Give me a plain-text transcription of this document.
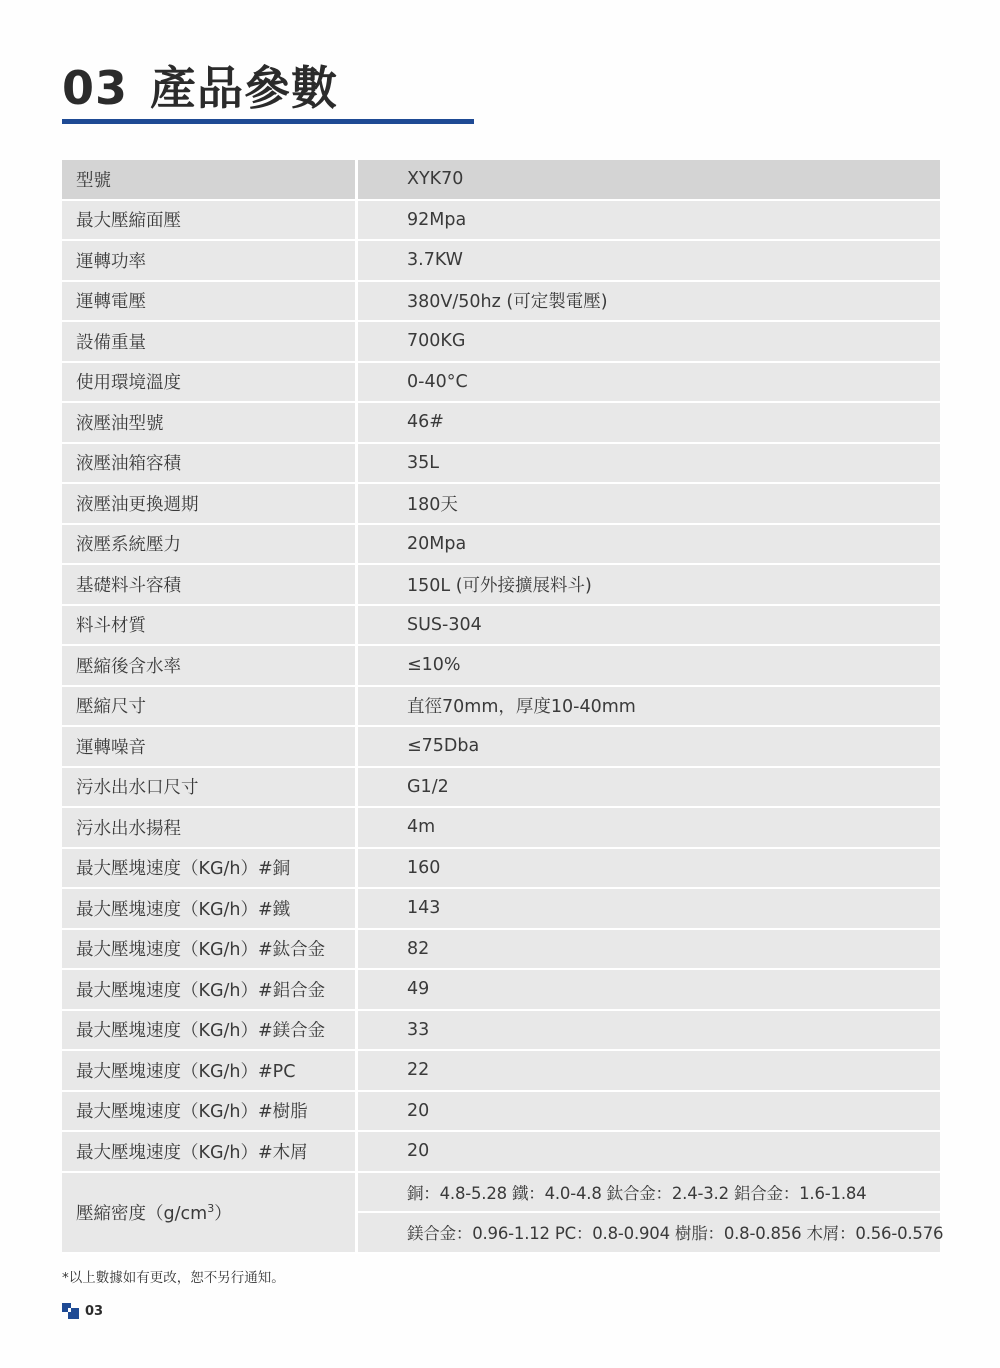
03 產品參數
型號	XYK70
最大壓縮面壓	92Mpa
運轉功率	3.7KW
運轉電壓	380V/50hz (可定製電壓)
設備重量	700KG
使用環境溫度	0-40°C
液壓油型號	46#
液壓油箱容積	35L
液壓油更換週期	180天
液壓系統壓力	20Mpa
基礎料斗容積	150L (可外接擴展料斗)
料斗材質	SUS-304
壓縮後含水率	≤10%
壓縮尺寸	直徑70mm，厚度10-40mm
運轉噪音	≤75Dba
污水出水口尺寸	G1/2
污水出水揚程	4m
最大壓塊速度（KG/h）#銅	160
最大壓塊速度（KG/h）#鐵	143
最大壓塊速度（KG/h）#鈦合金	82
最大壓塊速度（KG/h）#鋁合金	49
最大壓塊速度（KG/h）#鎂合金	33
最大壓塊速度（KG/h）#PC	22
最大壓塊速度（KG/h）#樹脂	20
最大壓塊速度（KG/h）#木屑	20
壓縮密度$(g/cm^3)$	銅：4.8-5.28 鐵：4.0-4.8 鈦合金：2.4-3.2 鋁合金：1.6-1.84
	鎂合金：0.96-1.12 PC：0.8-0.904 樹脂：0.8-0.856 木屑：0.56-0.576
*以上數據如有更改，恕不另行通知。
03
